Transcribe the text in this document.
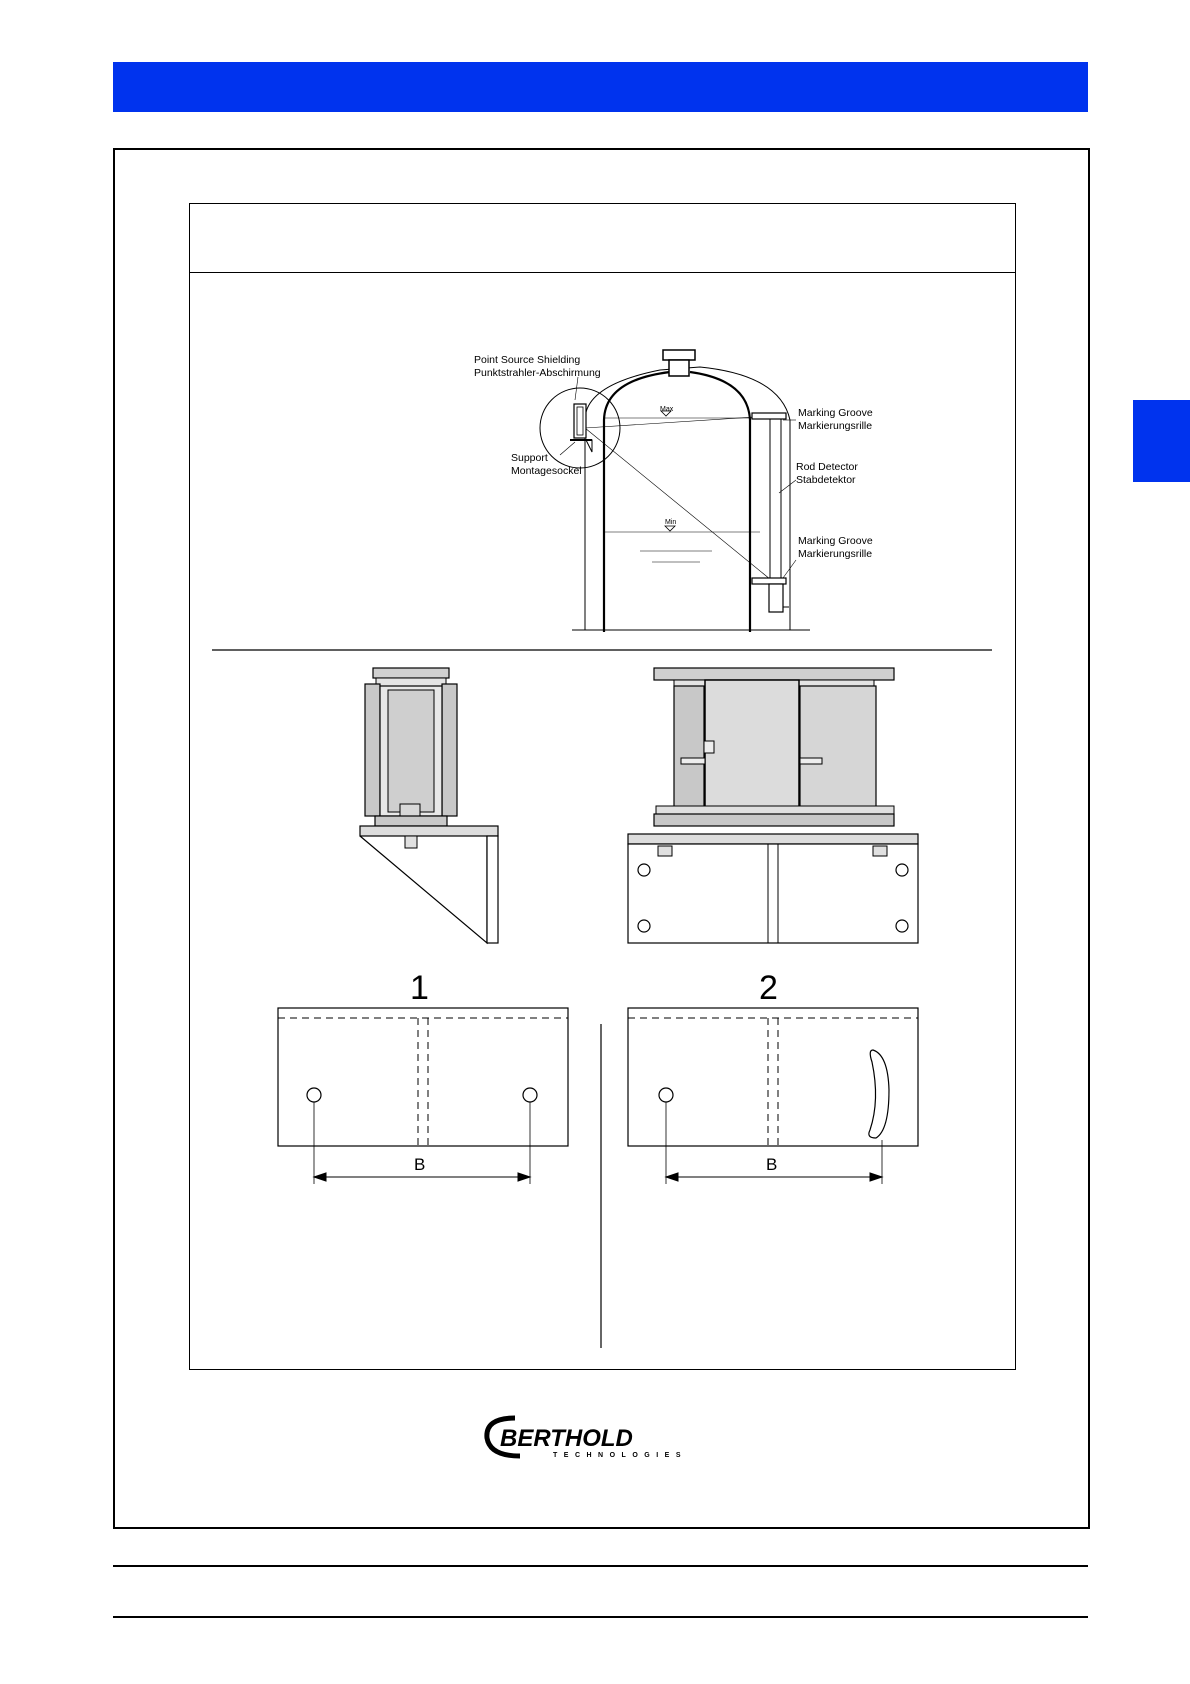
Point Source Shielding
Punktstrahler-Abschirmung
Support
Montagesockel
Marking Groove
Markierungsrille
Rod Detector
Stabdetektor
Marking Groove
Markierungsrille
Max
Min
1	2
B	B
BERTHOLD
TECHNOLOGIES
